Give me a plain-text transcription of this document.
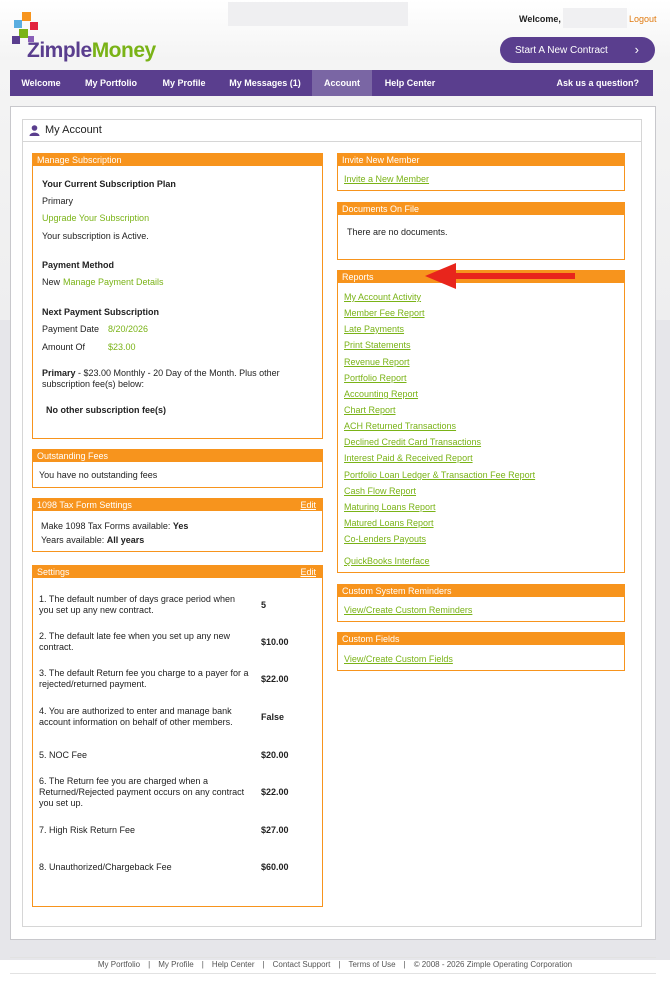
ZimpleMoney
Welcome,	Logout
Start A New Contract ›
Welcome	My Portfolio	My Profile	My Messages (1)	Account	Help Center	Ask us a question?
My Account
Manage Subscription
Your Current Subscription Plan
Primary
Upgrade Your Subscription
Your subscription is Active.
Payment Method
New Manage Payment Details
Next Payment Subscription
Payment Date 8/20/2026
Amount Of	$23.00
Primary - $23.00 Monthly - 20 Day of the Month. Plus other
subscription fee(s) below:
No other subscription fee(s)
Outstanding Fees
You have no outstanding fees
1098 Tax Form Settings	Edit
Make 1098 Tax Forms available: Yes
Years available: All years
Settings	Edit
1. The default number of days grace period when you set up any new contract.	5
2. The default late fee when you set up any new contract.	$10.00
3. The default Return fee you charge to a payer for a rejected/returned payment.	$22.00
4. You are authorized to enter and manage bank account information on behalf of other members.	False
5. NOC Fee	$20.00
6. The Return fee you are charged when a Returned/Rejected payment occurs on any contract you set up.
$22.00
7. High Risk Return Fee	$27.00
8. Unauthorized/Chargeback Fee	$60.00
Invite New Member
Invite a New Member
Documents On File
There are no documents.
Reports
My Account Activity
Member Fee Report
Late Payments
Print Statements
Revenue Report
Portfolio Report
Accounting Report
Chart Report
ACH Returned Transactions
Declined Credit Card Transactions
Interest Paid & Received Report
Portfolio Loan Ledger & Transaction Fee Report
Cash Flow Report
Maturing Loans Report
Matured Loans Report
Co-Lenders Payouts
QuickBooks Interface
Custom System Reminders
View/Create Custom Reminders
Custom Fields
View/Create Custom Fields
My Portfolio | My Profile | Help Center | Contact Support | Terms of Use | © 2008 - 2026 Zimple Operating Corporation
